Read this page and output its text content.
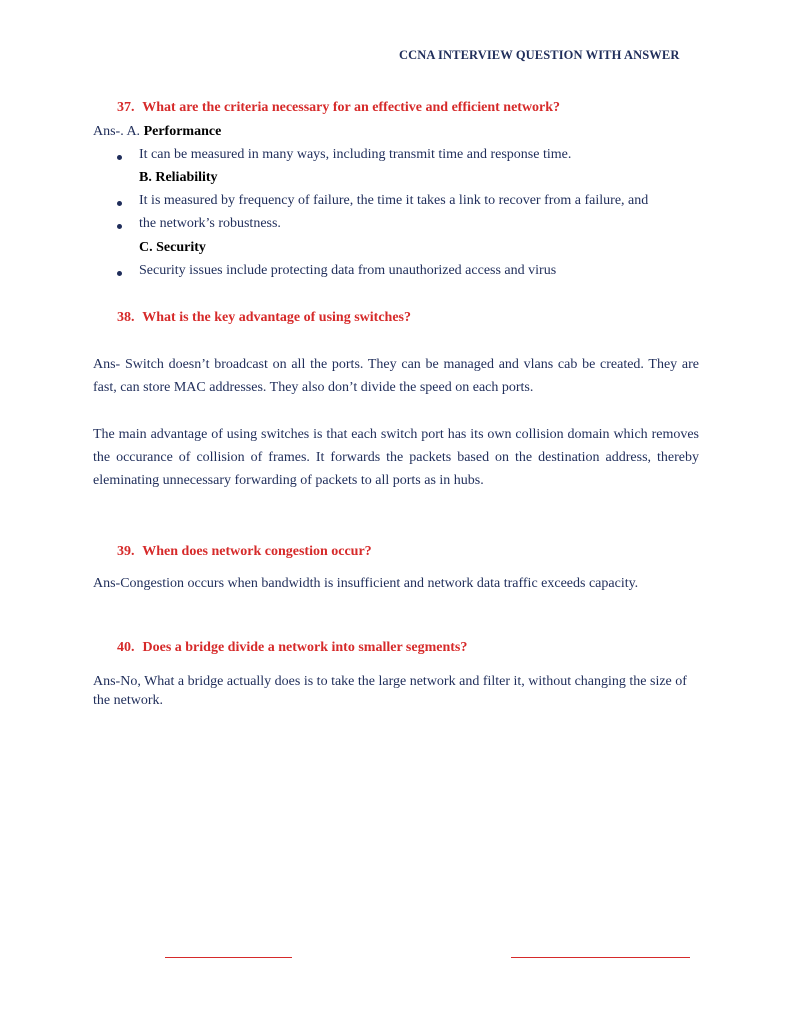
CCNA INTERVIEW QUESTION WITH ANSWER
37. What are the criteria necessary for an effective and efficient network?
Ans-. A. Performance
It can be measured in many ways, including transmit time and response time.
B. Reliability
It is measured by frequency of failure, the time it takes a link to recover from a failure, and
the network’s robustness.
C. Security
Security issues include protecting data from unauthorized access and virus
38. What is the key advantage of using switches?
Ans- Switch doesn’t broadcast on all the ports. They can be managed and vlans cab be created. They are fast, can store MAC addresses. They also don’t divide the speed on each ports.
The main advantage of using switches is that each switch port has its own collision domain which removes the occurance of collision of frames. It forwards the packets based on the destination address, thereby eleminating unnecessary forwarding of packets to all ports as in hubs.
39. When does network congestion occur?
Ans-Congestion occurs when bandwidth is insufficient and network data traffic exceeds capacity.
40. Does a bridge divide a network into smaller segments?
Ans-No, What a bridge actually does is to take the large network and filter it, without changing the size of the network.
